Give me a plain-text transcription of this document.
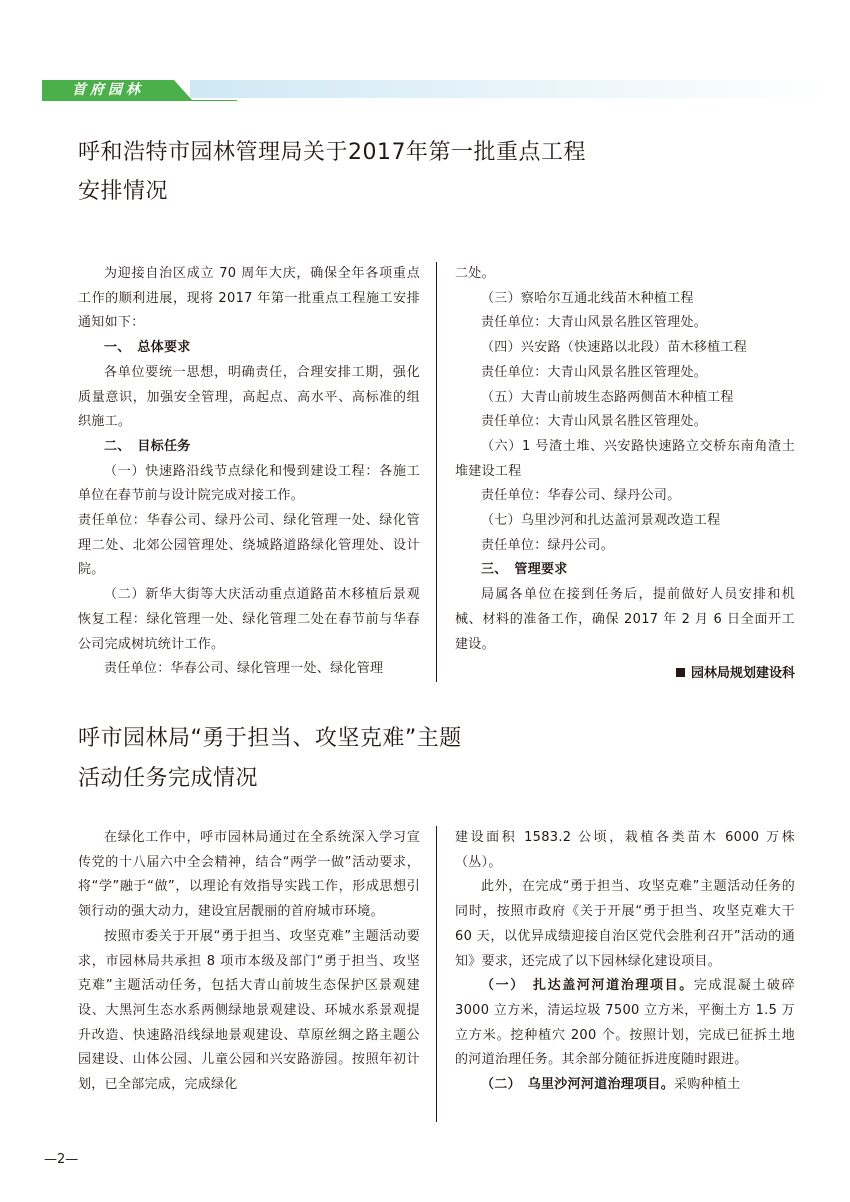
首府园林
呼和浩特市园林管理局关于2017年第一批重点工程
安排情况

为迎接自治区成立 70 周年大庆，确保全年各项重点工作的顺利进展，现将 2017 年第一批重点工程施工安排通知如下：

一、　总体要求

各单位要统一思想，明确责任，合理安排工期，强化质量意识，加强安全管理，高起点、高水平、高标准的组织施工。

二、　目标任务

（一）快速路沿线节点绿化和慢到建设工程：各施工单位在春节前与设计院完成对接工作。

责任单位：华春公司、绿丹公司、绿化管理一处、绿化管理二处、北郊公园管理处、绕城路道路绿化管理处、设计院。

（二）新华大街等大庆活动重点道路苗木移植后景观恢复工程：绿化管理一处、绿化管理二处在春节前与华春公司完成树坑统计工作。

责任单位：华春公司、绿化管理一处、绿化管理

二处。

（三）察哈尔互通北线苗木种植工程

责任单位：大青山风景名胜区管理处。

（四）兴安路（快速路以北段）苗木移植工程

责任单位：大青山风景名胜区管理处。

（五）大青山前坡生态路两侧苗木种植工程

责任单位：大青山风景名胜区管理处。

（六）1 号渣土堆、兴安路快速路立交桥东南角渣土堆建设工程

责任单位：华春公司、绿丹公司。

（七）乌里沙河和扎达盖河景观改造工程

责任单位：绿丹公司。

三、　管理要求

局属各单位在接到任务后，提前做好人员安排和机械、材料的准备工作，确保 2017 年 2 月 6 日全面开工建设。

园林局规划建设科
呼市园林局“勇于担当、攻坚克难”主题
活动任务完成情况

在绿化工作中，呼市园林局通过在全系统深入学习宣传党的十八届六中全会精神，结合“两学一做”活动要求，将“学”融于“做”，以理论有效指导实践工作，形成思想引领行动的强大动力，建设宜居靓丽的首府城市环境。

按照市委关于开展“勇于担当、攻坚克难”主题活动要求，市园林局共承担 8 项市本级及部门“勇于担当、攻坚克难”主题活动任务，包括大青山前坡生态保护区景观建设、大黑河生态水系两侧绿地景观建设、环城水系景观提升改造、快速路沿线绿地景观建设、草原丝绸之路主题公园建设、山体公园、儿童公园和兴安路游园。按照年初计划，已全部完成，完成绿化

建设面积 1583.2 公顷，栽植各类苗木 6000 万株（丛）。

此外，在完成“勇于担当、攻坚克难”主题活动任务的同时，按照市政府《关于开展“勇于担当、攻坚克难大干 60 天，以优异成绩迎接自治区党代会胜利召开”活动的通知》要求，还完成了以下园林绿化建设项目。

（一）　扎达盖河河道治理项目。完成混凝土破碎 3000 立方米，清运垃圾 7500 立方米，平衡土方 1.5 万立方米。挖种植穴 200 个。按照计划，完成已征拆土地的河道治理任务。其余部分随征拆进度随时跟进。

（二）　乌里沙河河道治理项目。采购种植土

—2—
